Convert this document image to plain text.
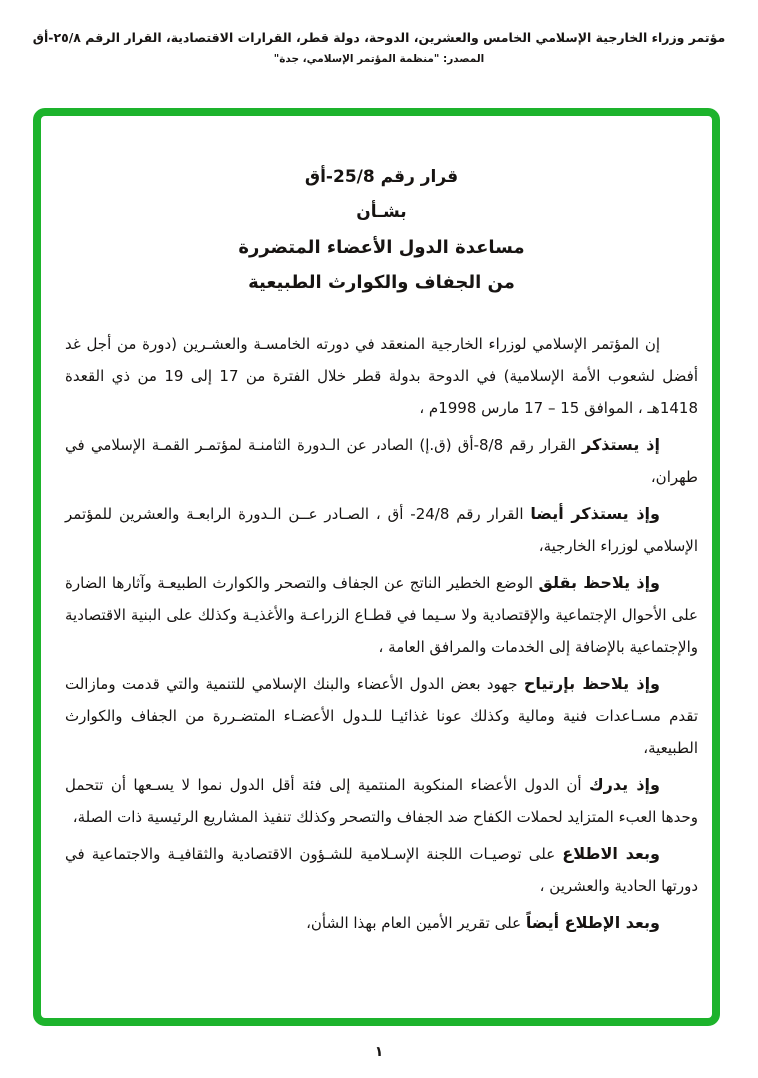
مؤتمر وزراء الخارجية الإسلامي الخامس والعشرين، الدوحة، دولة قطر، القرارات الاقتصادية، القرار الرقم ٢٥/٨-أق
المصدر: "منظمة المؤتمر الإسلامي، جدة"
قرار رقم 25/8-أق
بشـأن
مساعدة الدول الأعضاء المتضررة
من الجفاف والكوارث الطبيعية

إن المؤتمر الإسلامي لوزراء الخارجية المنعقد في دورته الخامسـة والعشـرين (دورة من أجل غد أفضل لشعوب الأمة الإسلامية) في الدوحة بدولة قطر خلال الفترة من 17 إلى 19 من ذي القعدة 1418هـ ، الموافق 15 – 17 مارس 1998م ،

إذ يستذكر القرار رقم 8/8-أق (ق.إ) الصادر عن الـدورة الثامنـة لمؤتمـر القمـة الإسلامي في طهران،

وإذ يستذكر أيضا القرار رقم 24/8- أق ، الصـادر عــن الـدورة الرابعـة والعشرين للمؤتمر الإسلامي لوزراء الخارجية،

وإذ يلاحظ بقلق الوضع الخطير الناتج عن الجفاف والتصحر والكوارث الطبيعـة وآثارها الضارة على الأحوال الإجتماعية والإقتصادية ولا سـيما في قطـاع الزراعـة والأغذيـة وكذلك على البنية الاقتصادية والإجتماعية بالإضافة إلى الخدمات والمرافق العامة ،

وإذ يلاحظ بإرتياح جهود بعض الدول الأعضاء والبنك الإسلامي للتنمية والتي قدمت ومازالت تقدم مسـاعدات فنية ومالية وكذلك عونا غذائيـا للـدول الأعضـاء المتضـررة من الجفاف والكوارث الطبيعية،

وإذ يدرك أن الدول الأعضاء المنكوبة المنتمية إلى فئة أقل الدول نموا لا يسـعها أن تتحمل وحدها العبء المتزايد لحملات الكفاح ضد الجفاف والتصحر وكذلك تنفيذ المشاريع الرئيسية ذات الصلة،

وبعد الاطلاع على توصيـات اللجنة الإسـلامية للشـؤون الاقتصادية والثقافيـة والاجتماعية في دورتها الحادية والعشرين ،

وبعد الإطلاع أيضاً على تقرير الأمين العام بهذا الشأن،

١
